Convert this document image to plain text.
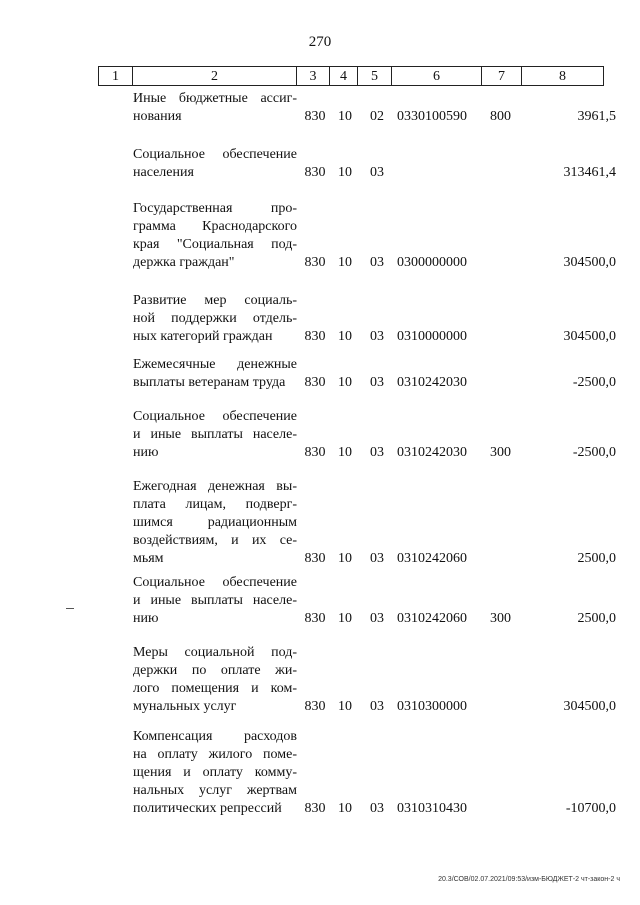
270
1	2	3	4	5	6	7	8
Иные бюджетные ассиг-
нования	830 10	02 0330100590	800	3961,5
Социальное обеспечение
населения	830 10	03	313461,4
Государственная про-
грамма Краснодарского
края "Социальная под-
держка граждан"	830 10	03 0300000000	304500,0
Развитие мер социаль-
ной поддержки отдель-
ных категорий граждан	830 10	03 0310000000	304500,0
Ежемесячные денежные
выплаты ветеранам труда	830 10	03 0310242030	-2500,0
Социальное обеспечение
и иные выплаты населе-
нию	830 10	03 0310242030	300	-2500,0
Ежегодная денежная вы-
плата лицам, подверг-
шимся радиационным
воздействиям, и их се-
мьям	830 10	03 0310242060	2500,0
Социальное обеспечение
и иные выплаты населе-
нию	830 10	03 0310242060	300	2500,0
Меры социальной под-
держки по оплате жи-
лого помещения и ком-
мунальных услуг	830 10	03 0310300000	304500,0
Компенсация расходов
на оплату жилого поме-
щения и оплату комму-
нальных услуг жертвам
политических репрессий	830 10	03 0310310430	-10700,0
20.3/СОВ/02.07.2021/09:53/изм-БЮДЖЕТ-2 чт-закон-2 ч
